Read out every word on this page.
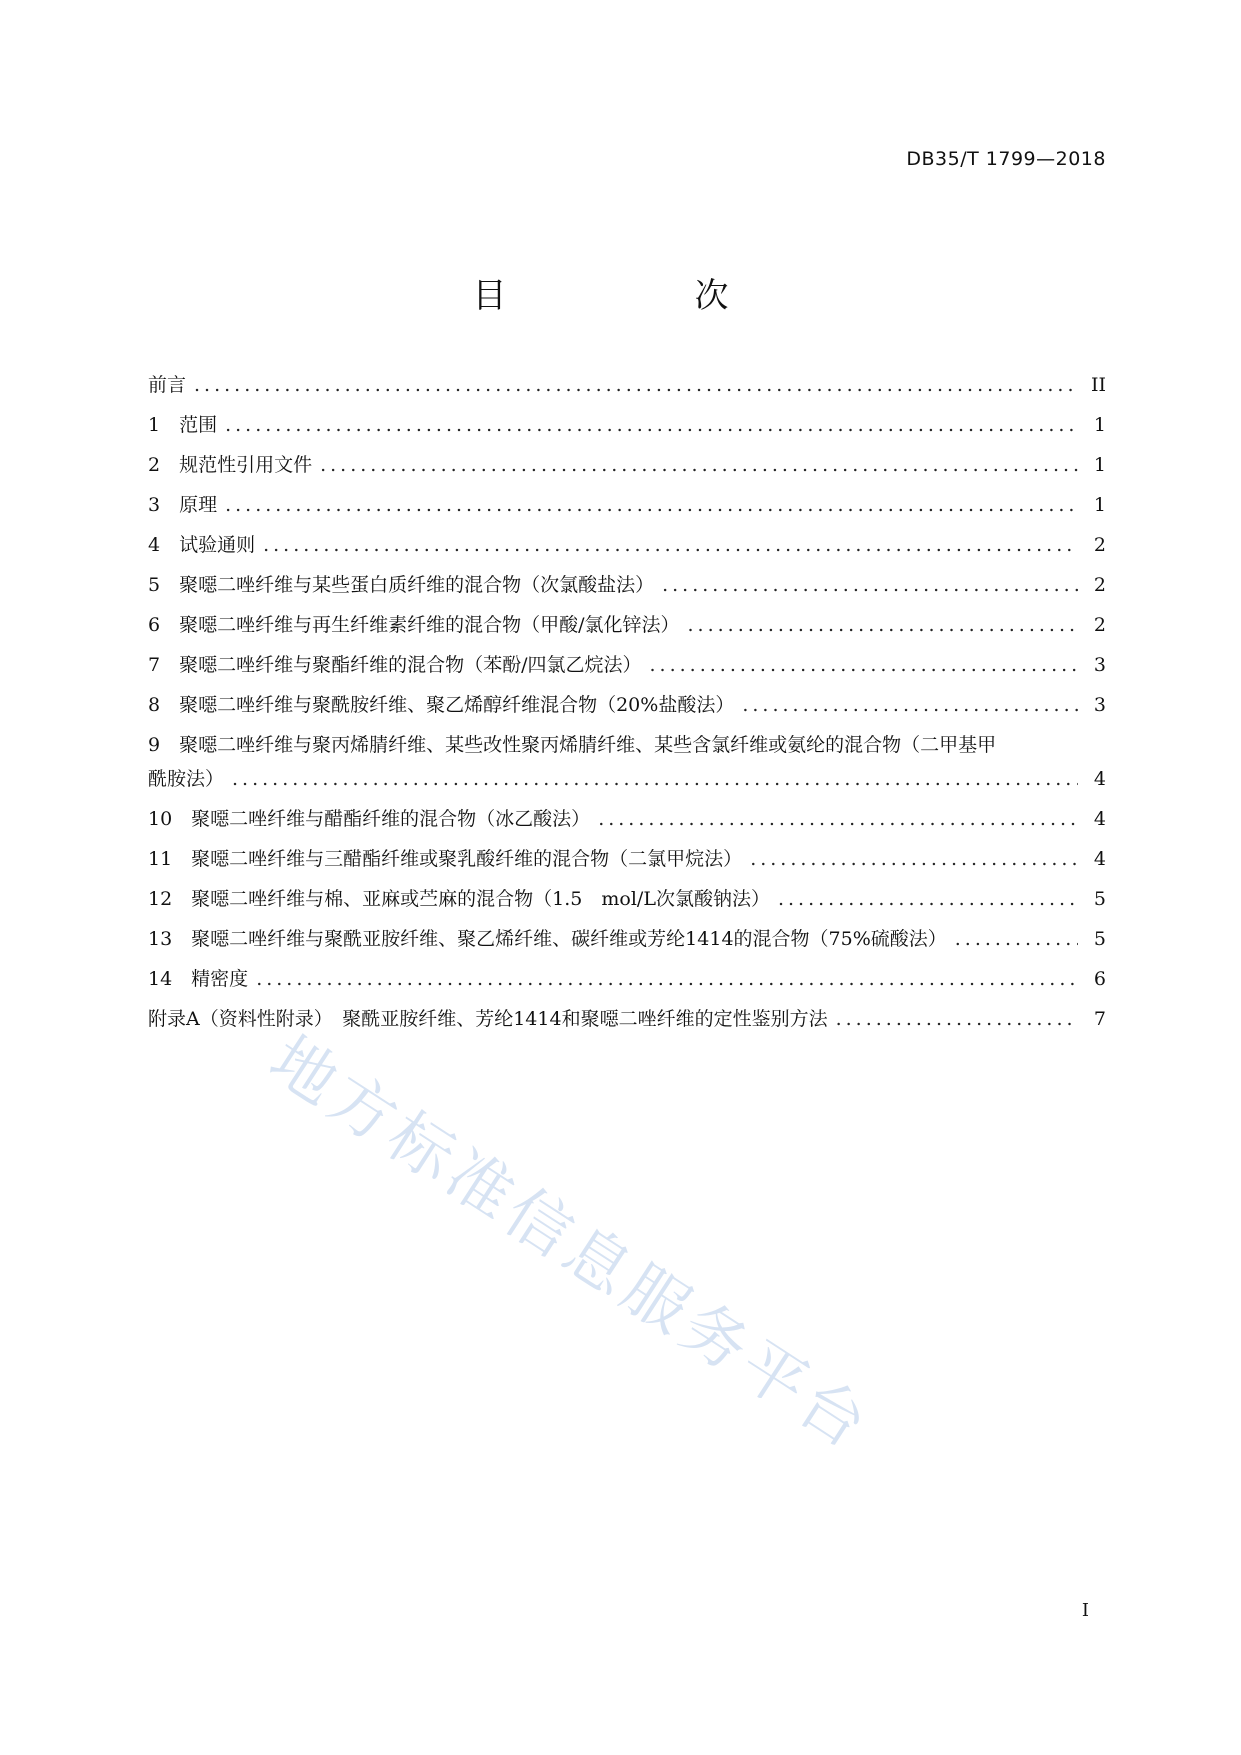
DB35/T 1799—2018
目　　次
前言 .....	II
1　范围 .....	1
2　规范性引用文件 .....	1
3　原理 .....	1
4　试验通则 .....	2
5　聚噁二唑纤维与某些蛋白质纤维的混合物（次氯酸盐法） .....	2
6　聚噁二唑纤维与再生纤维素纤维的混合物（甲酸/氯化锌法） .....	2
7　聚噁二唑纤维与聚酯纤维的混合物（苯酚/四氯乙烷法） .....	3
8　聚噁二唑纤维与聚酰胺纤维、聚乙烯醇纤维混合物（20%盐酸法） .....	3
9　聚噁二唑纤维与聚丙烯腈纤维、某些改性聚丙烯腈纤维、某些含氯纤维或氨纶的混合物（二甲基甲
酰胺法） .....	4
10　聚噁二唑纤维与醋酯纤维的混合物（冰乙酸法） .....	4
11　聚噁二唑纤维与三醋酯纤维或聚乳酸纤维的混合物（二氯甲烷法） .....	4
12　聚噁二唑纤维与棉、亚麻或苎麻的混合物（1.5　mol/L次氯酸钠法） .....	5
13　聚噁二唑纤维与聚酰亚胺纤维、聚乙烯纤维、碳纤维或芳纶1414的混合物（75%硫酸法） .....	5
14　精密度 .....	6
附录A（资料性附录）　聚酰亚胺纤维、芳纶1414和聚噁二唑纤维的定性鉴别方法 .....	7
地方标准信息服务平台
I
